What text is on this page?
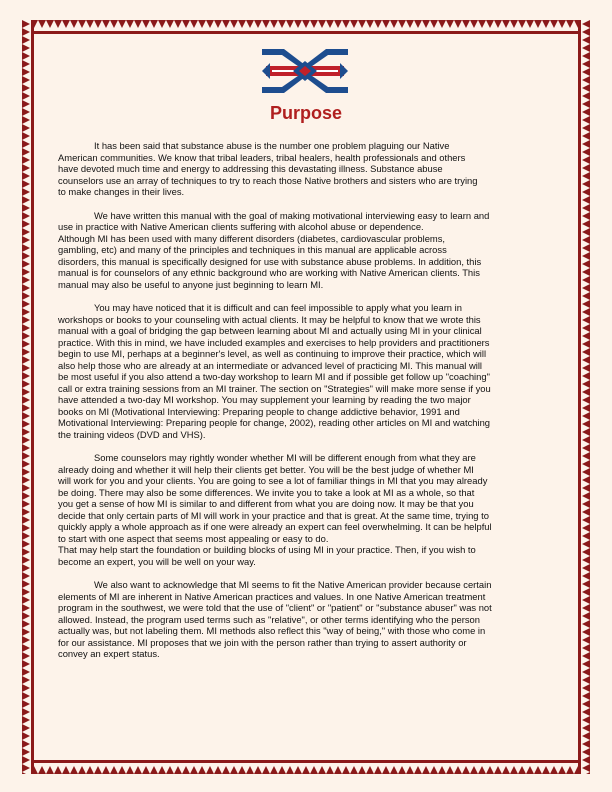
Purpose

It has been said that substance abuse is the number one problem plaguing our Native
American communities. We know that tribal leaders, tribal healers, health professionals and others
have devoted much time and energy to addressing this devastating illness. Substance abuse
counselors use an array of techniques to try to reach those Native brothers and sisters who are trying
to make changes in their lives.

We have written this manual with the goal of making motivational interviewing easy to learn and
use in practice with Native American clients suffering with alcohol abuse or dependence.
Although MI has been used with many different disorders (diabetes, cardiovascular problems,
gambling, etc) and many of the principles and techniques in this manual are applicable across
disorders, this manual is specifically designed for use with substance abuse problems. In addition, this
manual is for counselors of any ethnic background who are working with Native American clients. This
manual may also be useful to anyone just beginning to learn MI.

You may have noticed that it is difficult and can feel impossible to apply what you learn in
workshops or books to your counseling with actual clients. It may be helpful to know that we wrote this
manual with a goal of bridging the gap between learning about MI and actually using MI in your clinical
practice. With this in mind, we have included examples and exercises to help providers and practitioners
begin to use MI, perhaps at a beginner's level, as well as continuing to improve their practice, which will
also help those who are already at an intermediate or advanced level of practicing MI. This manual will
be most useful if you also attend a two-day workshop to learn MI and if possible get follow up "coaching"
call or extra training sessions from an MI trainer. The section on "Strategies" will make more sense if you
have attended a two-day MI workshop. You may supplement your learning by reading the two major
books on MI (Motivational Interviewing: Preparing people to change addictive behavior, 1991 and
Motivational Interviewing: Preparing people for change, 2002), reading other articles on MI and watching
the training videos (DVD and VHS).

Some counselors may rightly wonder whether MI will be different enough from what they are
already doing and whether it will help their clients get better. You will be the best judge of whether MI
will work for you and your clients. You are going to see a lot of familiar things in MI that you may already
be doing. There may also be some differences. We invite you to take a look at MI as a whole, so that
you get a sense of how MI is similar to and different from what you are doing now. It may be that you
decide that only certain parts of MI will work in your practice and that is great. At the same time, trying to
quickly apply a whole approach as if one were already an expert can feel overwhelming. It can be helpful
to start with one aspect that seems most appealing or easy to do.
That may help start the foundation or building blocks of using MI in your practice. Then, if you wish to
become an expert, you will be well on your way.

We also want to acknowledge that MI seems to fit the Native American provider because certain
elements of MI are inherent in Native American practices and values. In one Native American treatment
program in the southwest, we were told that the use of "client" or "patient" or "substance abuser" was not
allowed. Instead, the program used terms such as "relative", or other terms identifying who the person
actually was, but not labeling them. MI methods also reflect this "way of being," with those who come in
for our assistance. MI proposes that we join with the person rather than trying to assert authority or
convey an expert status.
